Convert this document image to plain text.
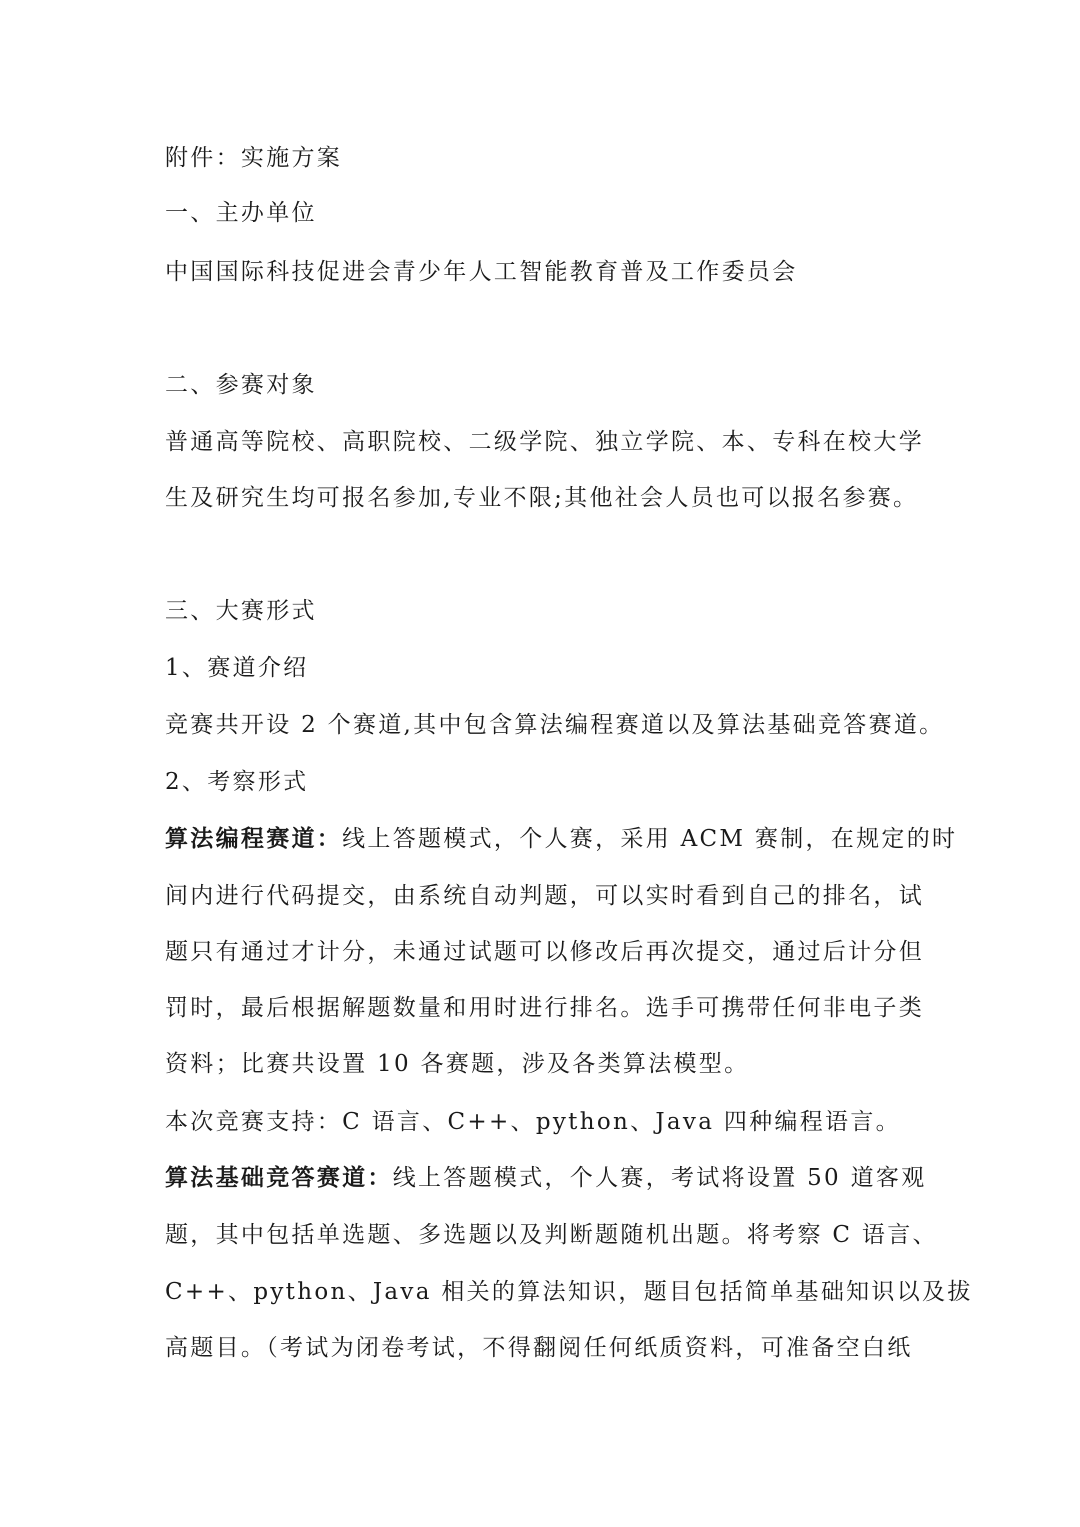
附件：实施方案
一、主办单位
中国国际科技促进会青少年人工智能教育普及工作委员会
二、参赛对象
普通高等院校、高职院校、二级学院、独立学院、本、专科在校大学
生及研究生均可报名参加,专业不限;其他社会人员也可以报名参赛。
三、大赛形式
1、赛道介绍
竞赛共开设 2 个赛道,其中包含算法编程赛道以及算法基础竞答赛道。
2、考察形式
算法编程赛道：线上答题模式，个人赛，采用 ACM 赛制，在规定的时
间内进行代码提交，由系统自动判题，可以实时看到自己的排名，试
题只有通过才计分，未通过试题可以修改后再次提交，通过后计分但
罚时，最后根据解题数量和用时进行排名。选手可携带任何非电子类
资料；比赛共设置 10 各赛题，涉及各类算法模型。
本次竞赛支持：C 语言、C++、python、Java 四种编程语言。
算法基础竞答赛道：线上答题模式，个人赛，考试将设置 50 道客观
题，其中包括单选题、多选题以及判断题随机出题。将考察 C 语言、
C++、python、Java 相关的算法知识，题目包括简单基础知识以及拔
高题目。（考试为闭卷考试，不得翻阅任何纸质资料，可准备空白纸
